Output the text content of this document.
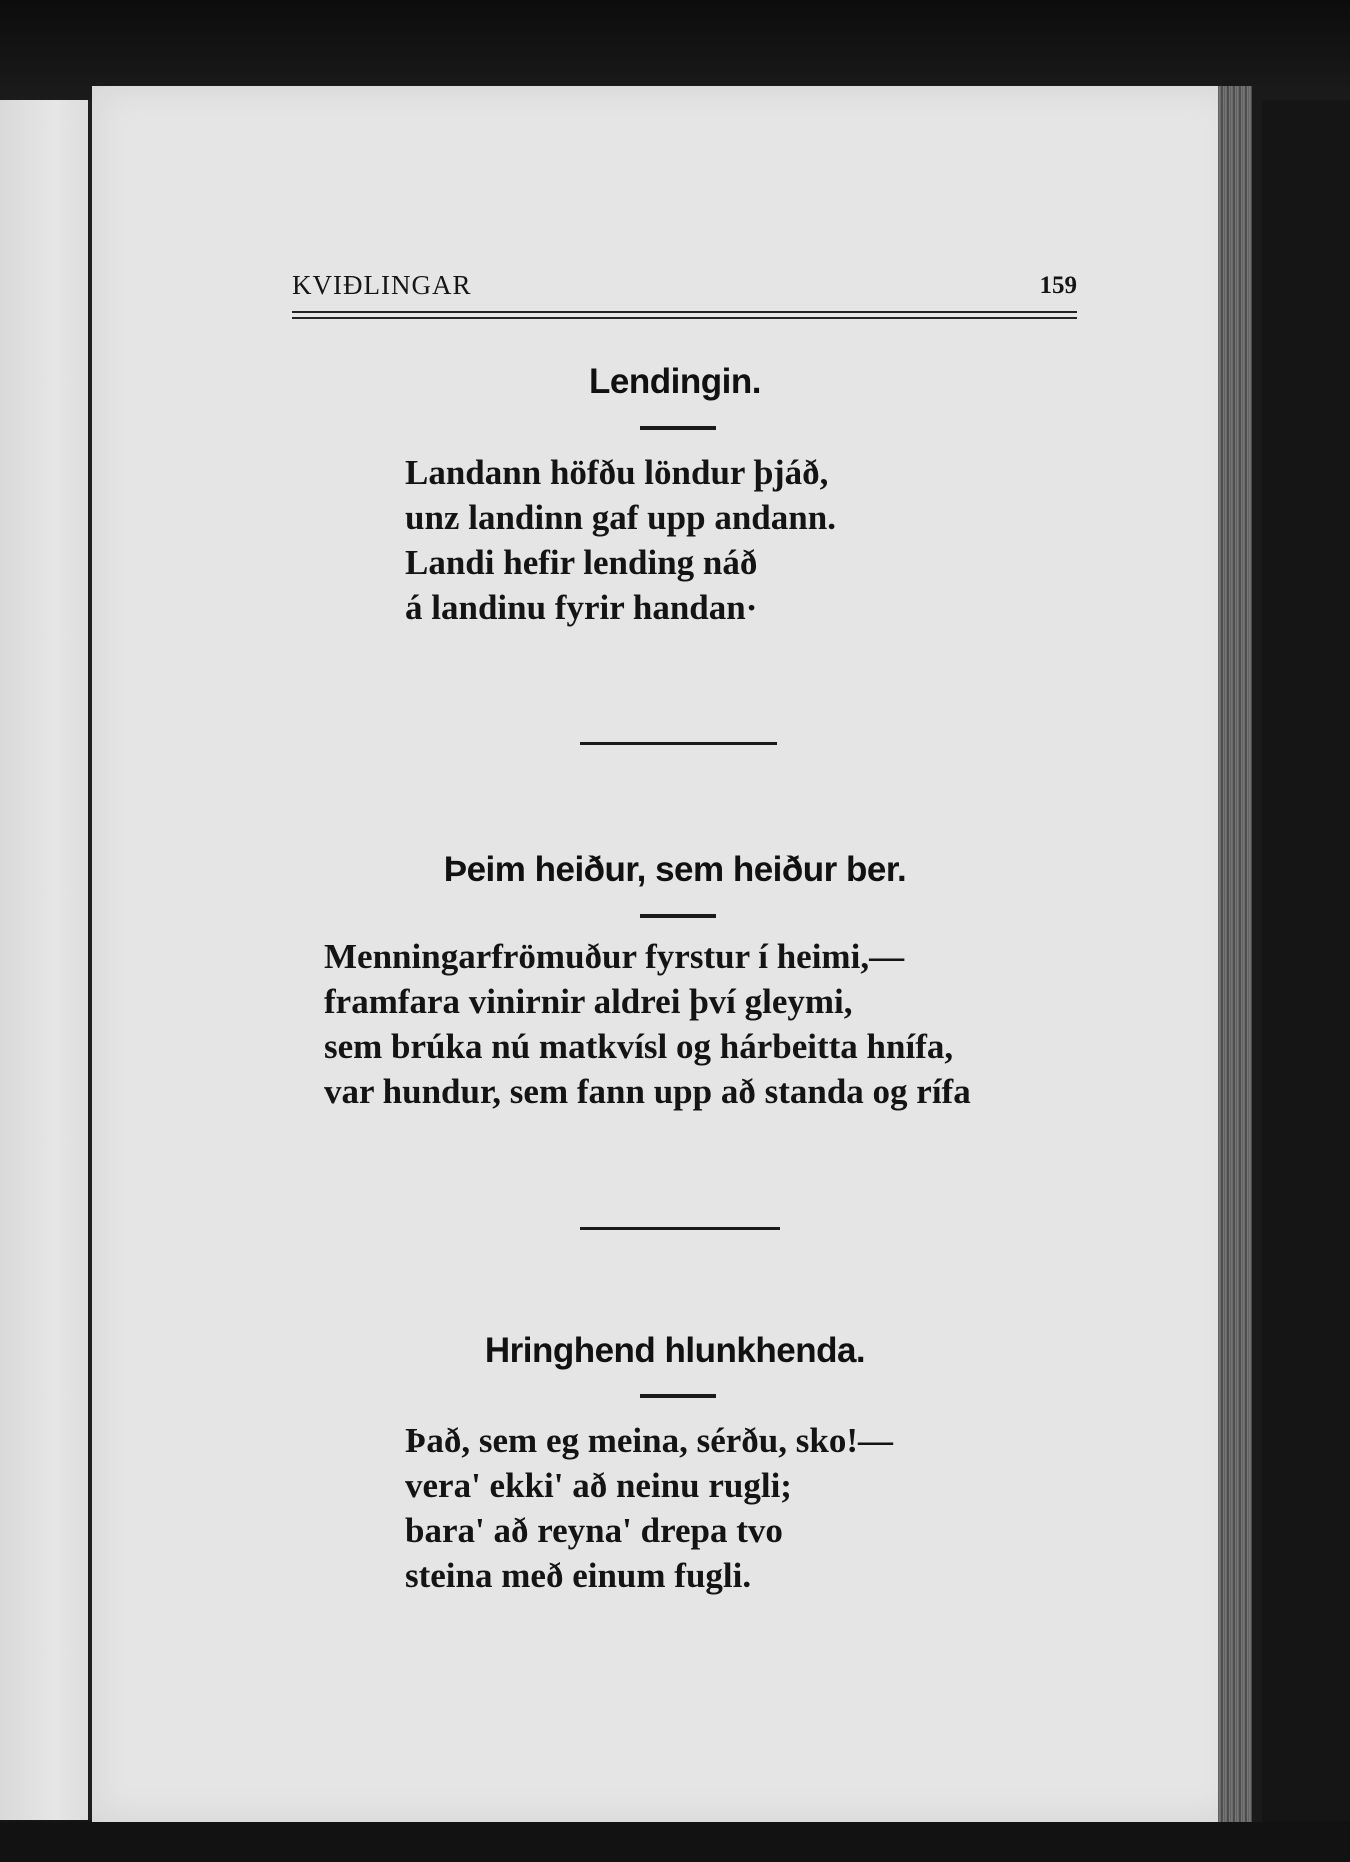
KVIÐLINGAR	159
Lendingin.
Landann höfðu löndur þjáð,
unz landinn gaf upp andann.
Landi hefir lending náð
á landinu fyrir handan·
Þeim heiður, sem heiður ber.
Menningarfrömuður fyrstur í heimi,—
framfara vinirnir aldrei því gleymi,
sem brúka nú matkvísl og hárbeitta hnífa,
var hundur, sem fann upp að standa og rífa
Hringhend hlunkhenda.
Það, sem eg meina, sérðu, sko!—
vera' ekki' að neinu rugli;
bara' að reyna' drepa tvo
steina með einum fugli.
